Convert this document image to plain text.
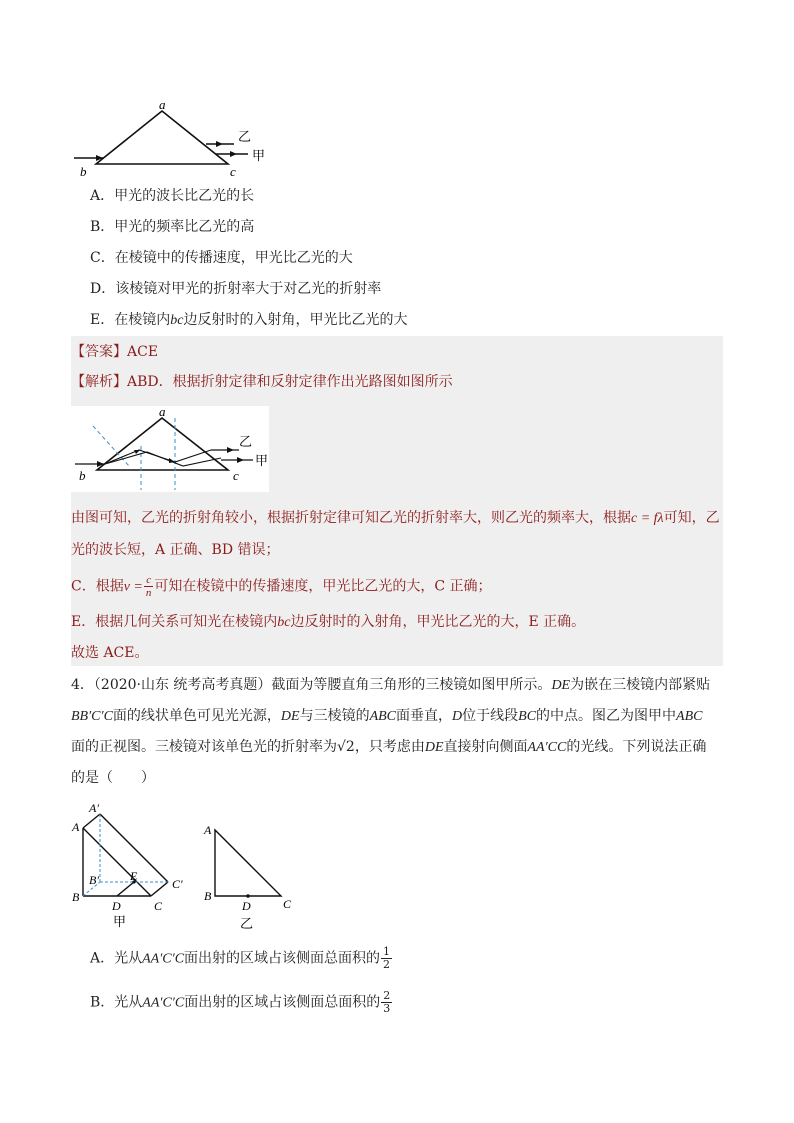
a
b	c
乙
甲
A．甲光的波长比乙光的长
B．甲光的频率比乙光的高
C．在棱镜中的传播速度，甲光比乙光的大
D．该棱镜对甲光的折射率大于对乙光的折射率
E．在棱镜内bc边反射时的入射角，甲光比乙光的大
【答案】ACE
【解析】ABD．根据折射定律和反射定律作出光路图如图所示
a
b	c
乙
甲
由图可知，乙光的折射角较小，根据折射定律可知乙光的折射率大，则乙光的频率大，根据c = fλ可知，乙
光的波长短，A 正确、BD 错误；
C．根据$v = \frac{c}{n}$ 可知在棱镜中的传播速度，甲光比乙光的大，C 正确；
E．根据几何关系可知光在棱镜内bc边反射时的入射角，甲光比乙光的大，E 正确。
故选 ACE。
4．（2020·山东 统考高考真题）截面为等腰直角三角形的三棱镜如图甲所示。DE为嵌在三棱镜内部紧贴
BB′C′C面的线状单色可见光光源，DE与三棱镜的ABC面垂直，D位于线段BC的中点。图乙为图甲中ABC
面的正视图。三棱镜对该单色光的折射率为√2，只考虑由DE直接射向侧面AA′CC的光线。下列说法正确
的是（　　）
A′
A
B
B′	E
D	C
C′
甲
A
B
C
D
乙
A．光从AA′C′C面出射的区域占该侧面总面积的 $\frac{1}{2}$
B．光从AA′C′C面出射的区域占该侧面总面积的 $\frac{2}{3}$
